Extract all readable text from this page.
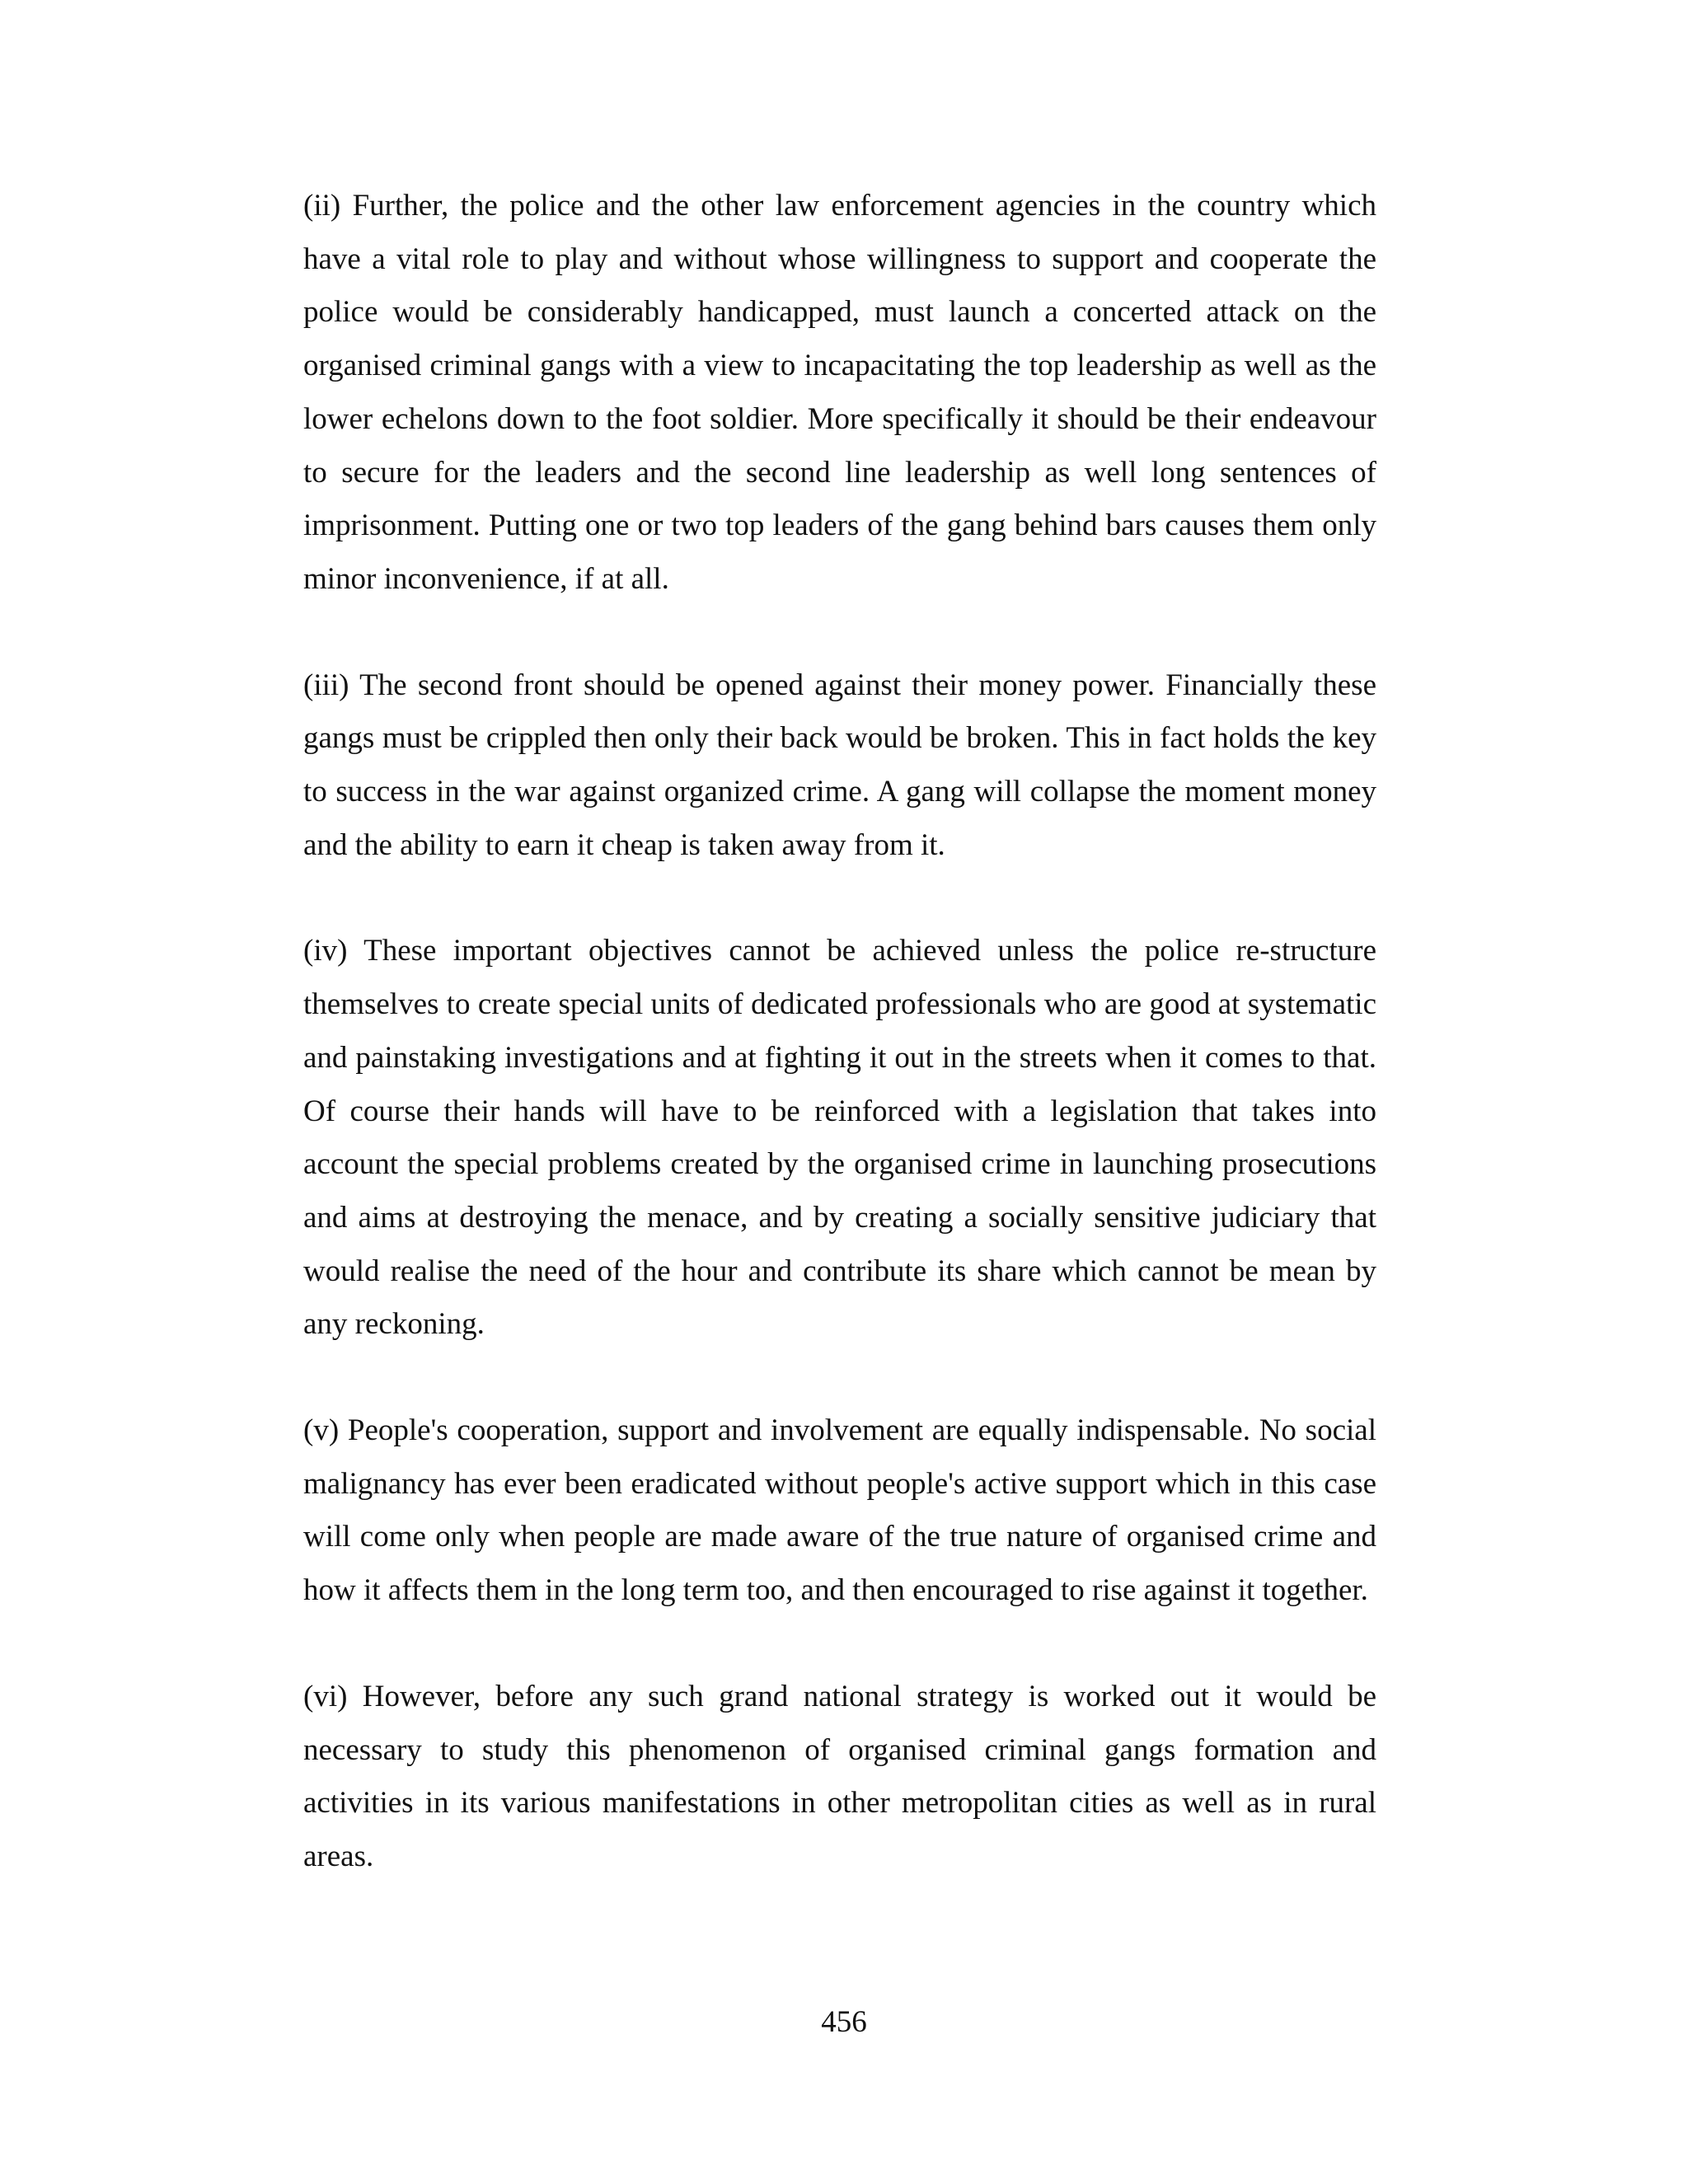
(ii) Further, the police and the other law enforcement agencies in the country which have a vital role to play and without whose willingness to support and cooperate the police would be considerably handicapped, must launch a concerted attack on the organised criminal gangs with a view to incapacitating the top leadership as well as the lower echelons down to the foot soldier. More specifically it should be their endeavour to secure for the leaders and the second line leadership as well long sentences of imprisonment. Putting one or two top leaders of the gang behind bars causes them only minor inconvenience, if at all.

(iii) The second front should be opened against their money power. Financially these gangs must be crippled then only their back would be broken. This in fact holds the key to success in the war against organized crime. A gang will collapse the moment money and the ability to earn it cheap is taken away from it.

(iv) These important objectives cannot be achieved unless the police re-structure themselves to create special units of dedicated professionals who are good at systematic and painstaking investigations and at fighting it out in the streets when it comes to that. Of course their hands will have to be reinforced with a legislation that takes into account the special problems created by the organised crime in launching prosecutions and aims at destroying the menace, and by creating a socially sensitive judiciary that would realise the need of the hour and contribute its share which cannot be mean by any reckoning.

(v) People's cooperation, support and involvement are equally indispensable. No social malignancy has ever been eradicated without people's active support which in this case will come only when people are made aware of the true nature of organised crime and how it affects them in the long term too, and then encouraged to rise against it together.

(vi) However, before any such grand national strategy is worked out it would be necessary to study this phenomenon of organised criminal gangs formation and activities in its various manifestations in other metropolitan cities as well as in rural areas.

456
